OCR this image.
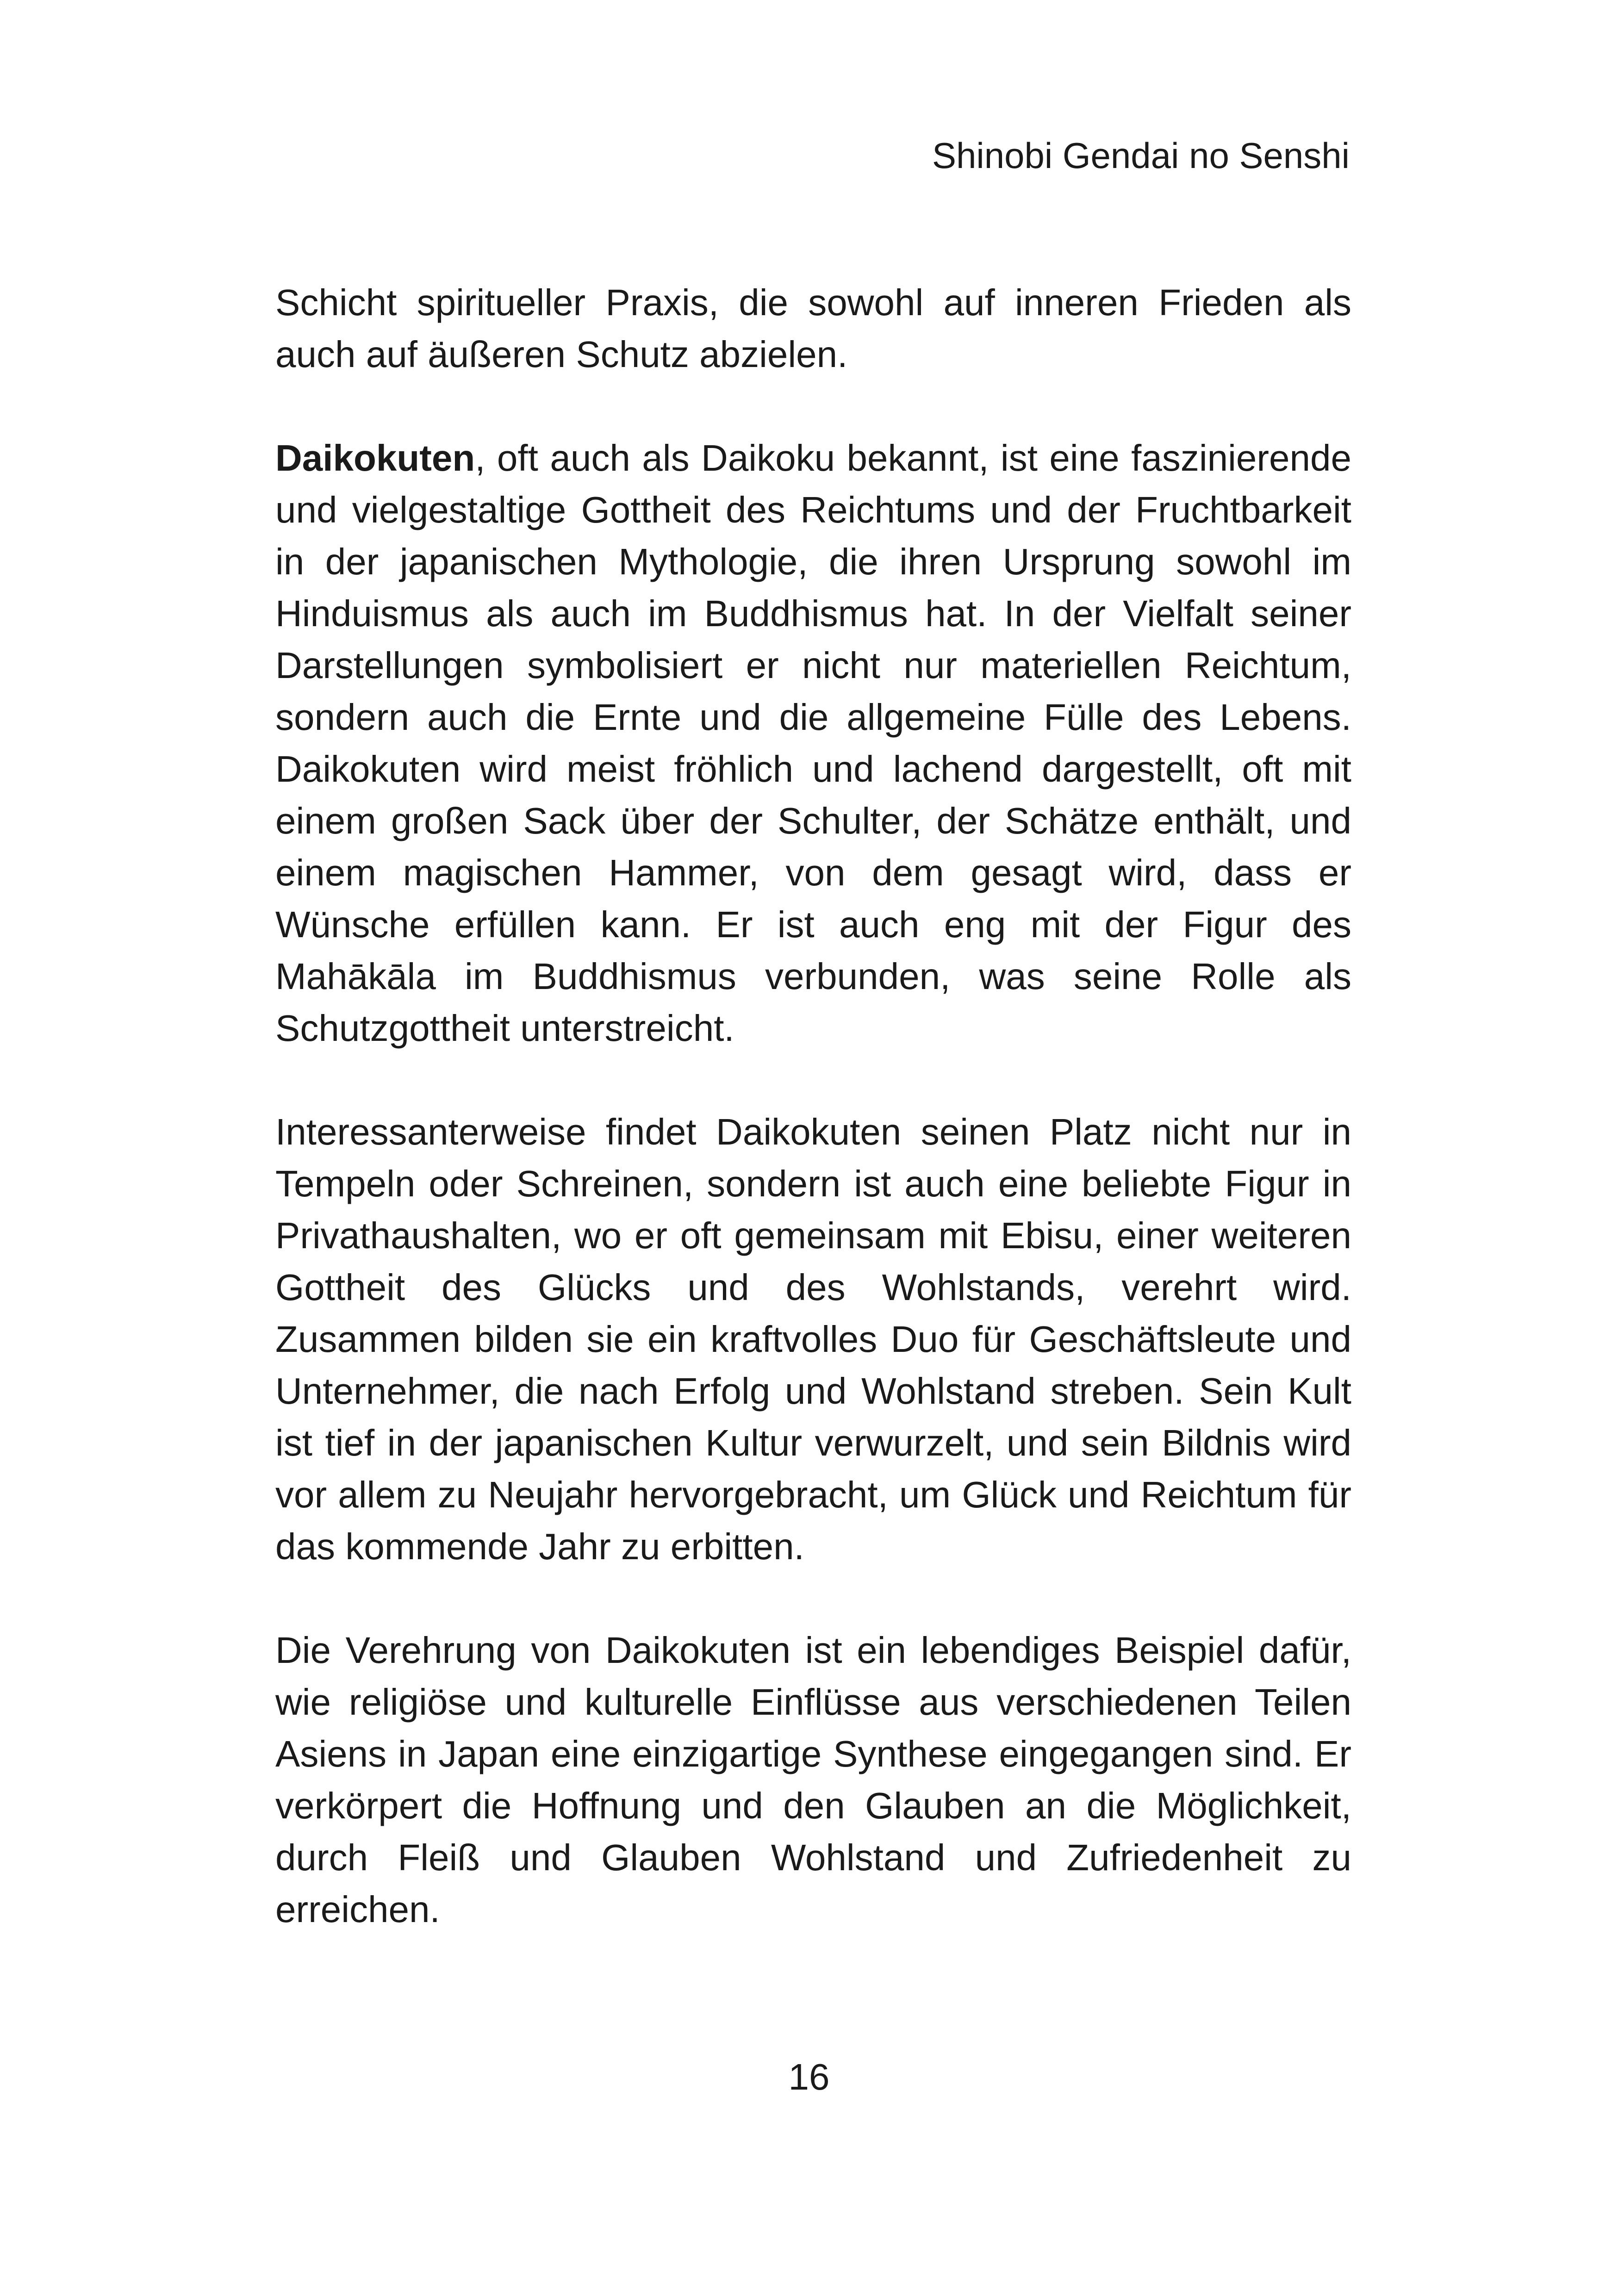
Shinobi Gendai no Senshi

Schicht spiritueller Praxis, die sowohl auf inneren Frieden als auch auf äußeren Schutz abzielen.

Daikokuten, oft auch als Daikoku bekannt, ist eine faszinierende und vielgestaltige Gottheit des Reichtums und der Fruchtbarkeit in der japanischen Mythologie, die ihren Ursprung sowohl im Hinduismus als auch im Buddhismus hat. In der Vielfalt seiner Darstellungen symbolisiert er nicht nur materiellen Reichtum, sondern auch die Ernte und die allgemeine Fülle des Lebens. Daikokuten wird meist fröhlich und lachend dargestellt, oft mit einem großen Sack über der Schulter, der Schätze enthält, und einem magischen Hammer, von dem gesagt wird, dass er Wünsche erfüllen kann. Er ist auch eng mit der Figur des Mahākāla im Buddhismus verbunden, was seine Rolle als Schutzgottheit unterstreicht.

Interessanterweise findet Daikokuten seinen Platz nicht nur in Tempeln oder Schreinen, sondern ist auch eine beliebte Figur in Privathaushalten, wo er oft gemeinsam mit Ebisu, einer weiteren Gottheit des Glücks und des Wohlstands, verehrt wird. Zusammen bilden sie ein kraftvolles Duo für Geschäftsleute und Unternehmer, die nach Erfolg und Wohlstand streben. Sein Kult ist tief in der japanischen Kultur verwurzelt, und sein Bildnis wird vor allem zu Neujahr hervorgebracht, um Glück und Reichtum für das kommende Jahr zu erbitten.

Die Verehrung von Daikokuten ist ein lebendiges Beispiel dafür, wie religiöse und kulturelle Einflüsse aus verschiedenen Teilen Asiens in Japan eine einzigartige Synthese eingegangen sind. Er verkörpert die Hoffnung und den Glauben an die Möglichkeit, durch Fleiß und Glauben Wohlstand und Zufriedenheit zu erreichen.

16
